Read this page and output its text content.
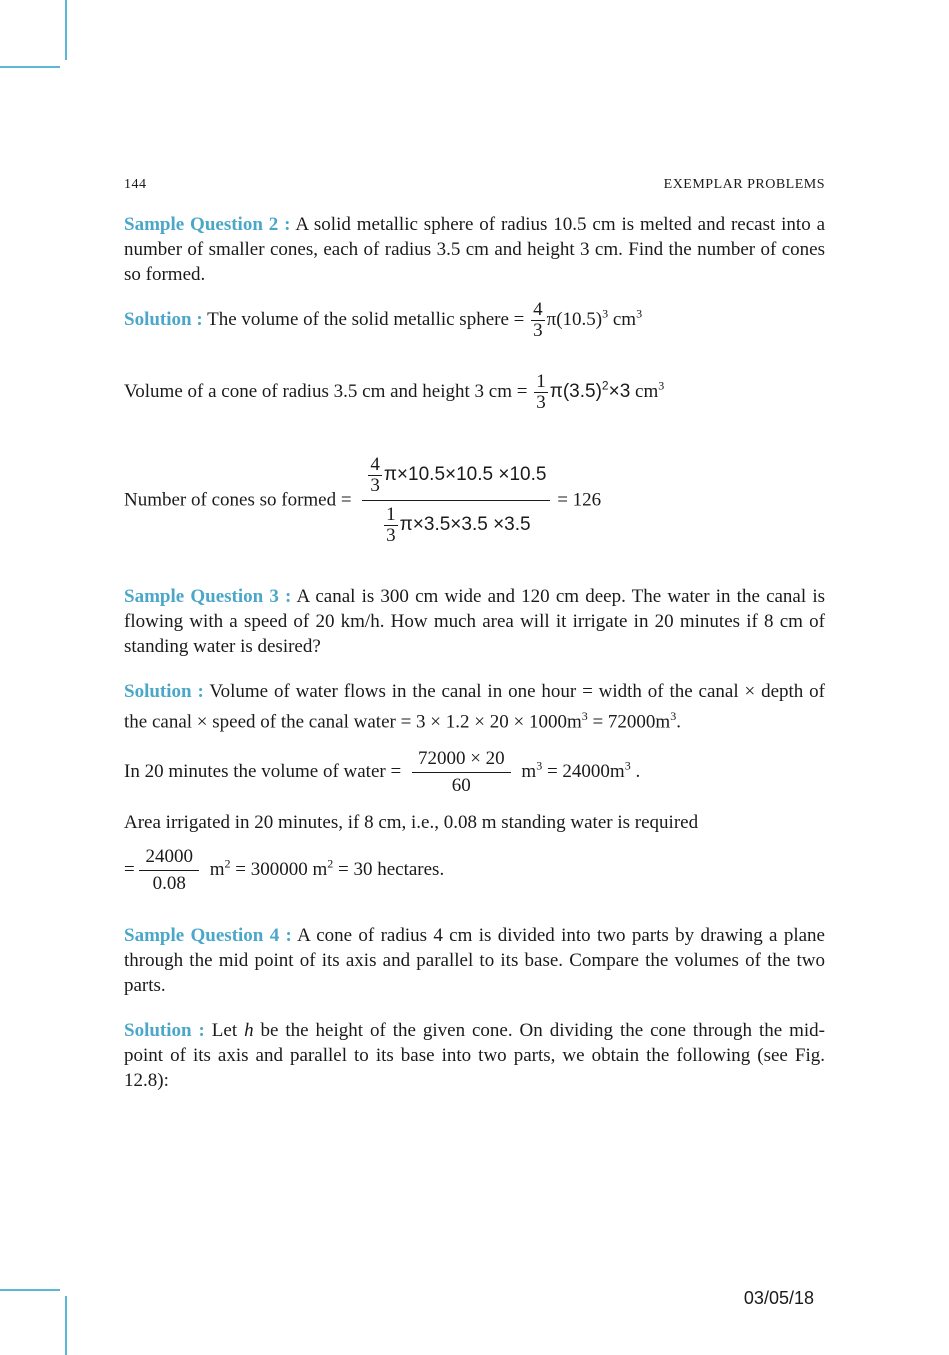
144	EXEMPLAR PROBLEMS
Sample Question 2 : A solid metallic sphere of radius 10.5 cm is melted and recast into a number of smaller cones, each of radius 3.5 cm and height 3 cm. Find the number of cones so formed.
Solution : The volume of the solid metallic sphere = $\frac{4}{3} \pi(10.5)^3$ $cm^3$
Volume of a cone of radius 3.5 cm and height 3 cm = $\frac{1}{3} \pi(3.5)^2\times 3$ $cm^3$
Number of cones so formed = $\frac{\frac{4}{3} \pi\times 10.5\times 10.5 \times 10.5}{\frac{1}{3} \pi\times 3.5\times 3.5 \times 3.5} = 126$
Sample Question 3 : A canal is 300 cm wide and 120 cm deep. The water in the canal is flowing with a speed of 20 km/h. How much area will it irrigate in 20 minutes if 8 cm of standing water is desired?
Solution : Volume of water flows in the canal in one hour = width of the canal × depth of the canal × speed of the canal water = $3 \times 1.2 \times 20 \times 1000m^3 = 72000m^3$.
In 20 minutes the volume of water = $\frac{72000 \times 20}{60} m^3 = 24000m^3$ .
Area irrigated in 20 minutes, if 8 cm, i.e., 0.08 m standing water is required
= $\frac{24000}{0.08} m^2 = 300000$ $m^2 = 30$ hectares.
Sample Question 4 : A cone of radius 4 cm is divided into two parts by drawing a plane through the mid point of its axis and parallel to its base. Compare the volumes of the two parts.
Solution : Let h be the height of the given cone. On dividing the cone through the mid-point of its axis and parallel to its base into two parts, we obtain the following (see Fig. 12.8):
03/05/18
